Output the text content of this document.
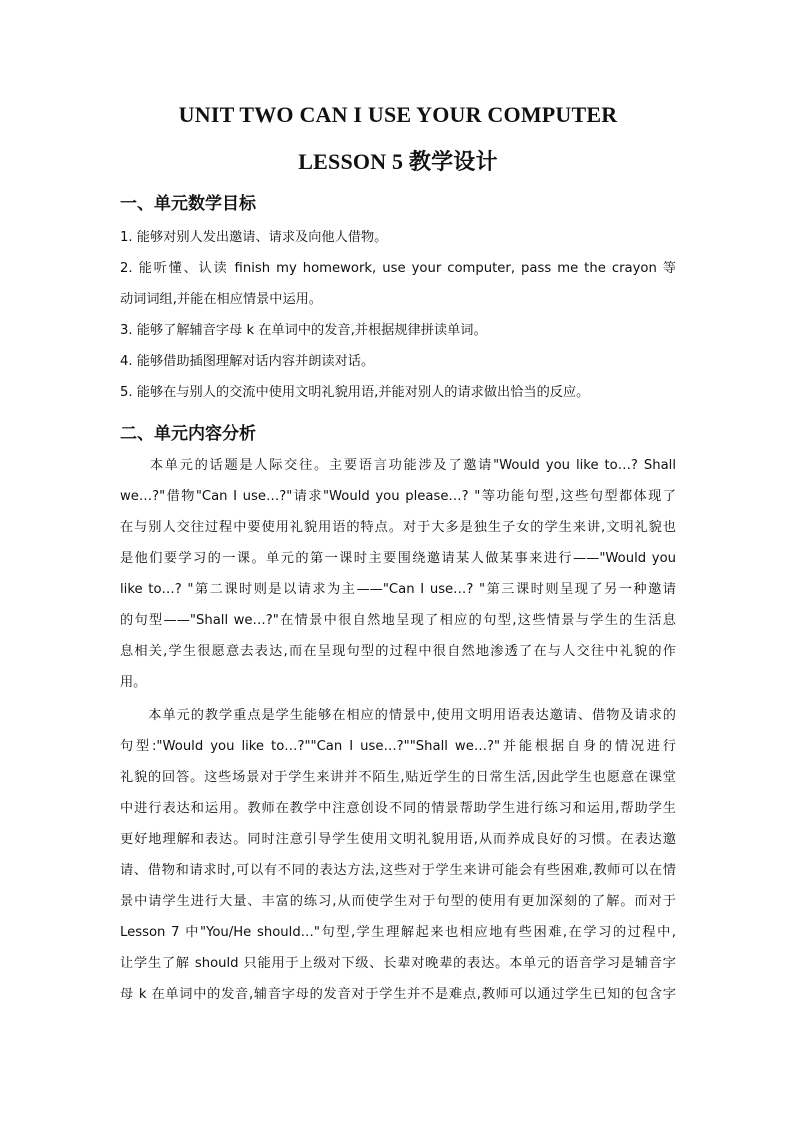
UNIT TWO CAN I USE YOUR COMPUTER
LESSON 5 教学设计
一、单元数学目标
1. 能够对别人发出邀请、请求及向他人借物。
2. 能听懂、认读 finish my homework, use your computer, pass me the crayon 等
动词词组,并能在相应情景中运用。
3. 能够了解辅音字母 k 在单词中的发音,并根据规律拼读单词。
4. 能够借助插图理解对话内容并朗读对话。
5. 能够在与别人的交流中使用文明礼貌用语,并能对别人的请求做出恰当的反应。
二、单元内容分析
　　本单元的话题是人际交往。主要语言功能涉及了邀请"Would you like to…? Shall
we…?"借物"Can I use…?"请求"Would you please…? "等功能句型,这些句型都体现了
在与别人交往过程中要使用礼貌用语的特点。对于大多是独生子女的学生来讲,文明礼貌也
是他们要学习的一课。单元的第一课时主要围绕邀请某人做某事来进行——"Would you
like to…? "第二课时则是以请求为主——"Can I use…? "第三课时则呈现了另一种邀请
的句型——"Shall we…?"在情景中很自然地呈现了相应的句型,这些情景与学生的生活息
息相关,学生很愿意去表达,而在呈现句型的过程中很自然地渗透了在与人交往中礼貌的作
用。
　　本单元的教学重点是学生能够在相应的情景中,使用文明用语表达邀请、借物及请求的
句型:"Would you like to…?""Can I use…?""Shall we…?"并能根据自身的情况进行
礼貌的回答。这些场景对于学生来讲并不陌生,贴近学生的日常生活,因此学生也愿意在课堂
中进行表达和运用。教师在教学中注意创设不同的情景帮助学生进行练习和运用,帮助学生
更好地理解和表达。同时注意引导学生使用文明礼貌用语,从而养成良好的习惯。在表达邀
请、借物和请求时,可以有不同的表达方法,这些对于学生来讲可能会有些困难,教师可以在情
景中请学生进行大量、丰富的练习,从而使学生对于句型的使用有更加深刻的了解。而对于
Lesson 7 中"You/He should…"句型,学生理解起来也相应地有些困难,在学习的过程中,
让学生了解 should 只能用于上级对下级、长辈对晚辈的表达。本单元的语音学习是辅音字
母 k 在单词中的发音,辅音字母的发音对于学生并不是难点,教师可以通过学生已知的包含字
